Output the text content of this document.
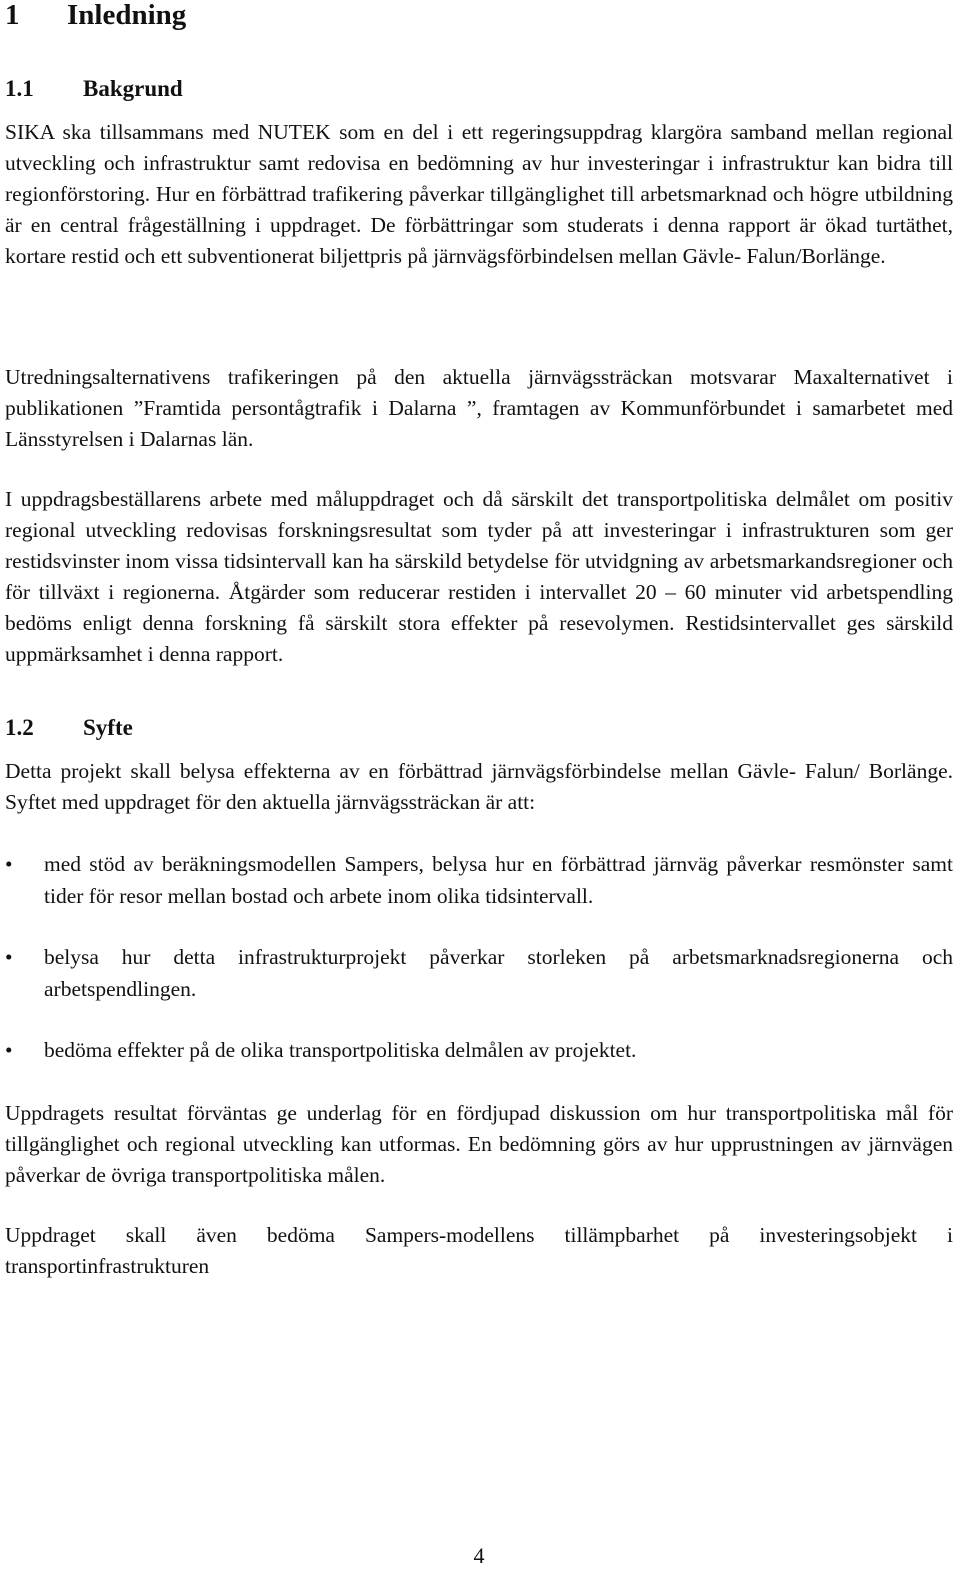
1 Inledning
1.1 Bakgrund

SIKA ska tillsammans med NUTEK som en del i ett regeringsuppdrag klargöra samband mellan regional utveckling och infrastruktur samt redovisa en bedömning av hur investeringar i infrastruktur kan bidra till regionförstoring. Hur en förbättrad trafikering påverkar tillgänglighet till arbetsmarknad och högre utbildning är en central frågeställning i uppdraget. De förbättringar som studerats i denna rapport är ökad turtäthet, kortare restid och ett subventionerat biljettpris på järnvägsförbindelsen mellan Gävle- Falun/Borlänge.

Utredningsalternativens trafikeringen på den aktuella järnvägssträckan motsvarar Maxalternativet i publikationen ”Framtida persontågtrafik i Dalarna ”, framtagen av Kommunförbundet i samarbetet med Länsstyrelsen i Dalarnas län.

I uppdragsbeställarens arbete med måluppdraget och då särskilt det transportpolitiska delmålet om positiv regional utveckling redovisas forskningsresultat som tyder på att investeringar i infrastrukturen som ger restidsvinster inom vissa tidsintervall kan ha särskild betydelse för utvidgning av arbetsmarkandsregioner och för tillväxt i regionerna. Åtgärder som reducerar restiden i intervallet 20 – 60 minuter vid arbetspendling bedöms enligt denna forskning få särskilt stora effekter på resevolymen. Restidsintervallet ges särskild uppmärksamhet i denna rapport.

1.2 Syfte

Detta projekt skall belysa effekterna av en förbättrad järnvägsförbindelse mellan Gävle- Falun/ Borlänge. Syftet med uppdraget för den aktuella järnvägssträckan är att:

•	med stöd av beräkningsmodellen Sampers, belysa hur en förbättrad järnväg påverkar resmönster samt tider för resor mellan bostad och arbete inom olika tidsintervall.
•	belysa hur detta infrastrukturprojekt påverkar storleken på arbetsmarknadsregionerna och arbetspendlingen.
•	bedöma effekter på de olika transportpolitiska delmålen av projektet.

Uppdragets resultat förväntas ge underlag för en fördjupad diskussion om hur transportpolitiska mål för tillgänglighet och regional utveckling kan utformas. En bedömning görs av hur upprustningen av järnvägen påverkar de övriga transportpolitiska målen.

Uppdraget skall även bedöma Sampers-modellens tillämpbarhet på investeringsobjekt i transportinfrastrukturen

4
